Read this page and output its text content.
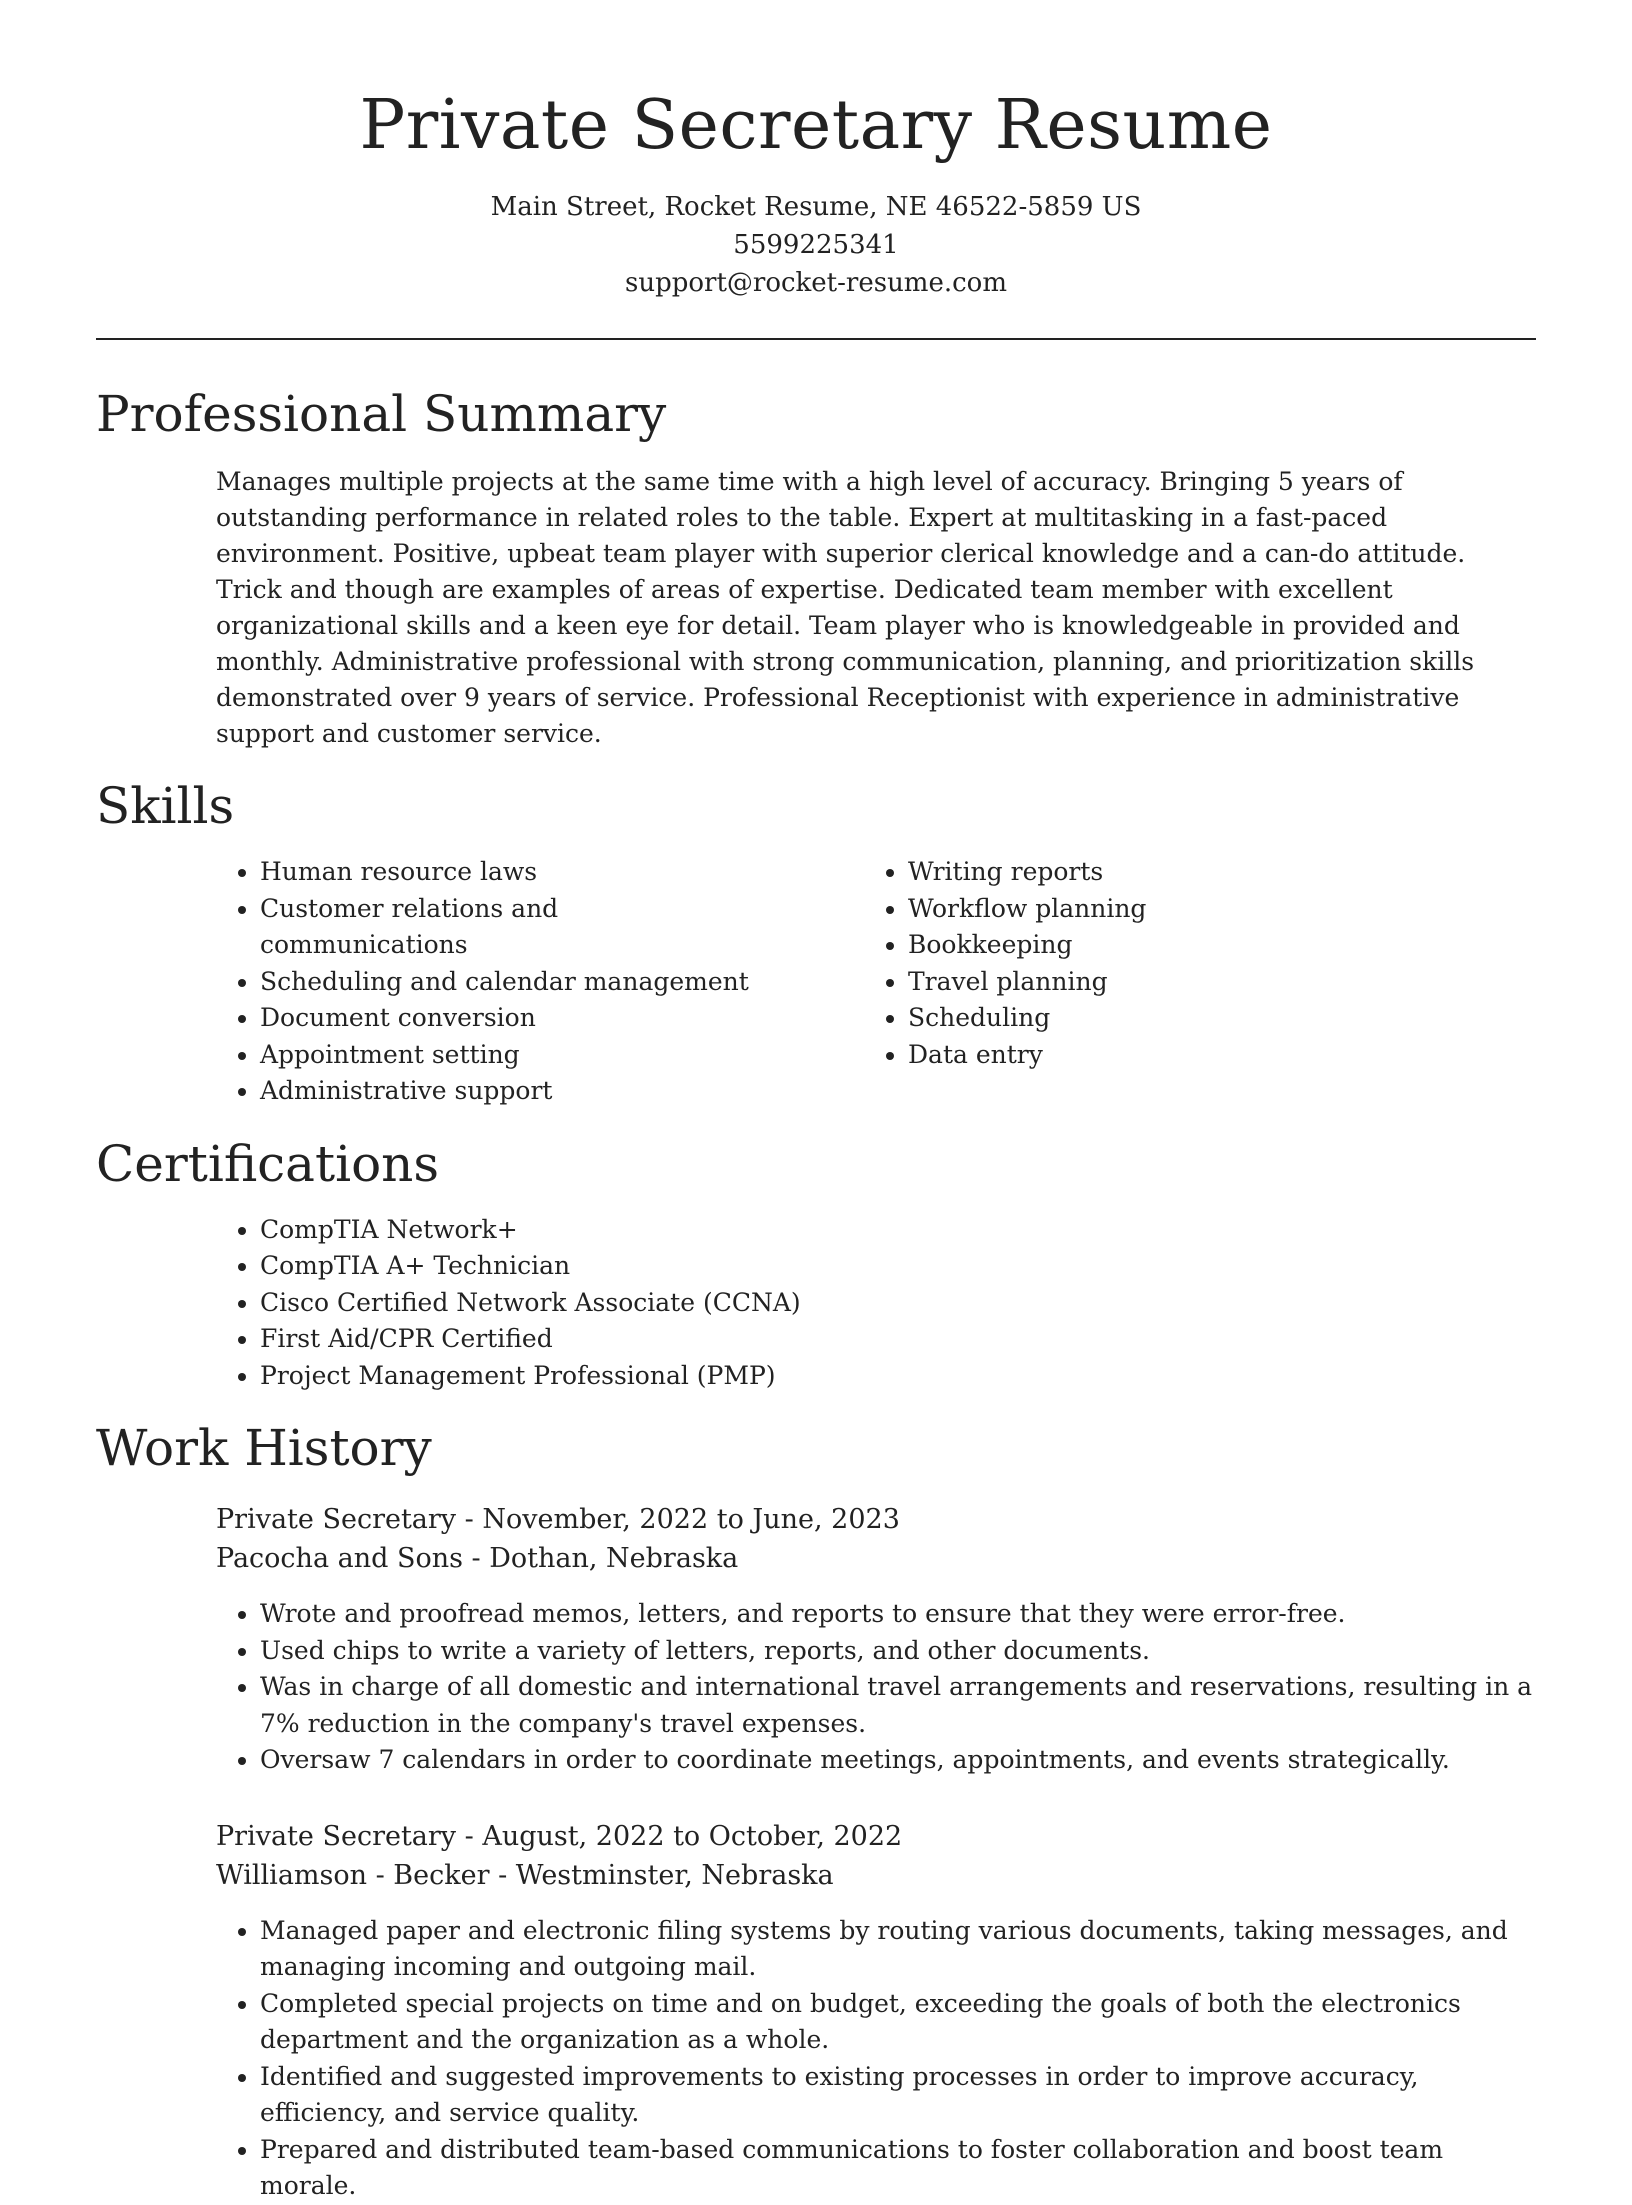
Private Secretary Resume
Main Street, Rocket Resume, NE 46522-5859 US
5599225341
support@rocket-resume.com
Professional Summary

Manages multiple projects at the same time with a high level of accuracy. Bringing 5 years of outstanding performance in related roles to the table. Expert at multitasking in a fast-paced environment. Positive, upbeat team player with superior clerical knowledge and a can-do attitude. Trick and though are examples of areas of expertise. Dedicated team member with excellent organizational skills and a keen eye for detail. Team player who is knowledgeable in provided and monthly. Administrative professional with strong communication, planning, and prioritization skills demonstrated over 9 years of service. Professional Receptionist with experience in administrative support and customer service.

Skills
• Human resource laws
• Customer relations and communications
• Scheduling and calendar management
• Document conversion
• Appointment setting
• Administrative support
• Writing reports
• Workflow planning
• Bookkeeping
• Travel planning
• Scheduling
• Data entry
Certifications
• CompTIA Network+
• CompTIA A+ Technician
• Cisco Certified Network Associate (CCNA)
• First Aid/CPR Certified
• Project Management Professional (PMP)
Work History
Private Secretary - November, 2022 to June, 2023
Pacocha and Sons - Dothan, Nebraska
• Wrote and proofread memos, letters, and reports to ensure that they were error-free.
• Used chips to write a variety of letters, reports, and other documents.
• Was in charge of all domestic and international travel arrangements and reservations, resulting in a 7% reduction in the company's travel expenses.
• Oversaw 7 calendars in order to coordinate meetings, appointments, and events strategically.
Private Secretary - August, 2022 to October, 2022
Williamson - Becker - Westminster, Nebraska
• Managed paper and electronic filing systems by routing various documents, taking messages, and managing incoming and outgoing mail.
• Completed special projects on time and on budget, exceeding the goals of both the electronics department and the organization as a whole.
• Identified and suggested improvements to existing processes in order to improve accuracy, efficiency, and service quality.
• Prepared and distributed team-based communications to foster collaboration and boost team morale.
